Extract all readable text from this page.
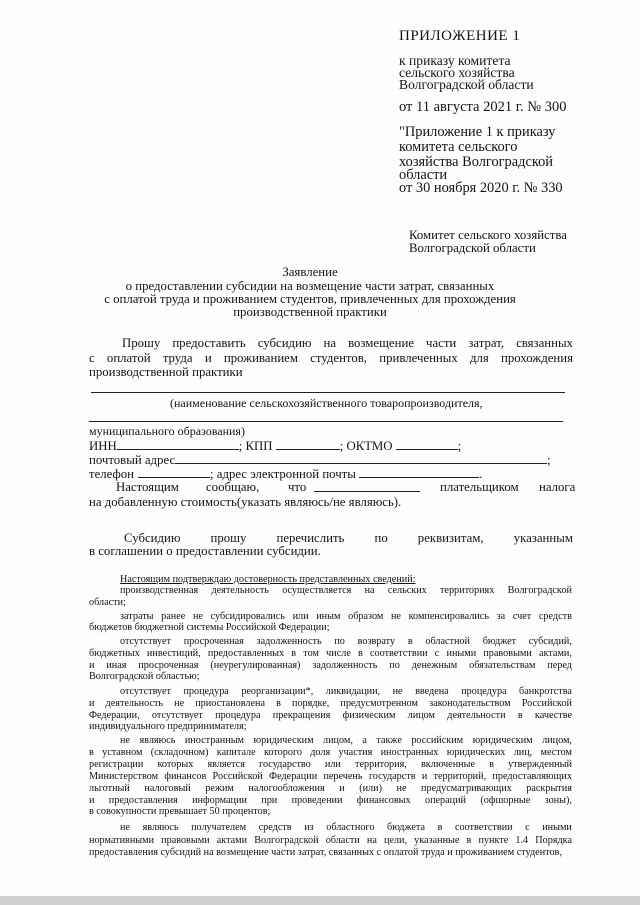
ПРИЛОЖЕНИЕ 1
к приказу комитета
сельского хозяйства
Волгоградской области
от 11 августа 2021 г. № 300
"Приложение 1 к приказу
комитета сельского
хозяйства Волгоградской
области
от 30 ноября 2020 г. № 330
Комитет сельского хозяйства
Волгоградской области
Заявление
о предоставлении субсидии на возмещение части затрат, связанных
с оплатой труда и проживанием студентов, привлеченных для прохождения
производственной практики
Прошу предоставить субсидию на возмещение части затрат, связанных
с оплатой труда и проживанием студентов, привлеченных для прохождения
производственной практики
(наименование сельскохозяйственного товаропроизводителя,
муниципального образования)
ИНН	; КПП	; ОКТМО	;
почтовый адрес	;
телефон	; адрес электронной почты	.
Настоящим сообщаю, что	плательщиком налога
на добавленную стоимость(указать являюсь/не являюсь).
Субсидию прошу перечислить по реквизитам, указанным
в соглашении о предоставлении субсидии.
Настоящим подтверждаю достоверность представленных сведений:
производственная деятельность осуществляется на сельских территориях Волгоградской
области;
затраты ранее не субсидировались или иным образом не компенсировались за счет средств
бюджетов бюджетной системы Российской Федерации;
отсутствует просроченная задолженность по возврату в областной бюджет субсидий,
бюджетных инвестиций, предоставленных в том числе в соответствии с иными правовыми актами,
и иная просроченная (неурегулированная) задолженность по денежным обязательствам перед
Волгоградской областью;
отсутствует процедура реорганизации*, ликвидации, не введена процедура банкротства
и деятельность не приостановлена в порядке, предусмотренном законодательством Российской
Федерации, отсутствует процедура прекращения физическим лицом деятельности в качестве
индивидуального предпринимателя;
не являюсь иностранным юридическим лицом, а также российским юридическим лицом,
в уставном (складочном) капитале которого доля участия иностранных юридических лиц, местом
регистрации которых является государство или территория, включенные в утвержденный
Министерством финансов Российской Федерации перечень государств и территорий, предоставляющих
льготный налоговый режим налогообложения и (или) не предусматривающих раскрытия
и предоставления информации при проведении финансовых операций (офшорные зоны),
в совокупности превышает 50 процентов;
не являюсь получателем средств из областного бюджета в соответствии с иными
нормативными правовыми актами Волгоградской области на цели, указанные в пункте 1.4 Порядка
предоставления субсидий на возмещение части затрат, связанных с оплатой труда и проживанием студентов,
